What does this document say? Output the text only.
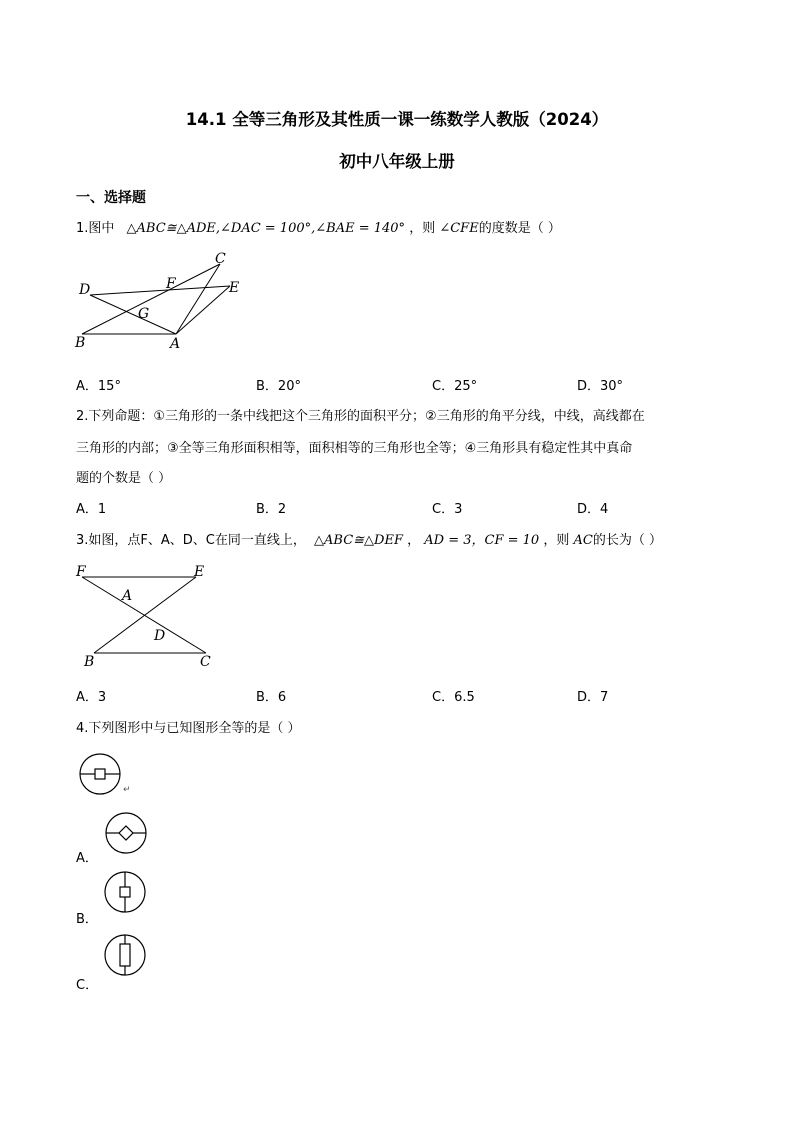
14.1 全等三角形及其性质一课一练数学人教版（2024）
初中八年级上册
一、选择题
1.图中 △ABC≅△ADE,∠DAC = 100°,∠BAE = 140° ，则 ∠CFE的度数是（ ）
C
D	F	E
G
B	A
A．15°	B．20°	C．25°	D．30°
2.下列命题：①三角形的一条中线把这个三角形的面积平分；②三角形的角平分线，中线，高线都在
三角形的内部；③全等三角形面积相等，面积相等的三角形也全等；④三角形具有稳定性其中真命
题的个数是（ ）
A．1	B．2	C．3	D．4
3.如图，点F、A、D、C在同一直线上， △ABC≅△DEF ， AD = 3，CF = 10 ，则 AC的长为（ ）
F	E
A
D
B	C
A．3	B．6	C．6.5	D．7
4.下列图形中与已知图形全等的是（ ）
↵
A．
B．
C．
